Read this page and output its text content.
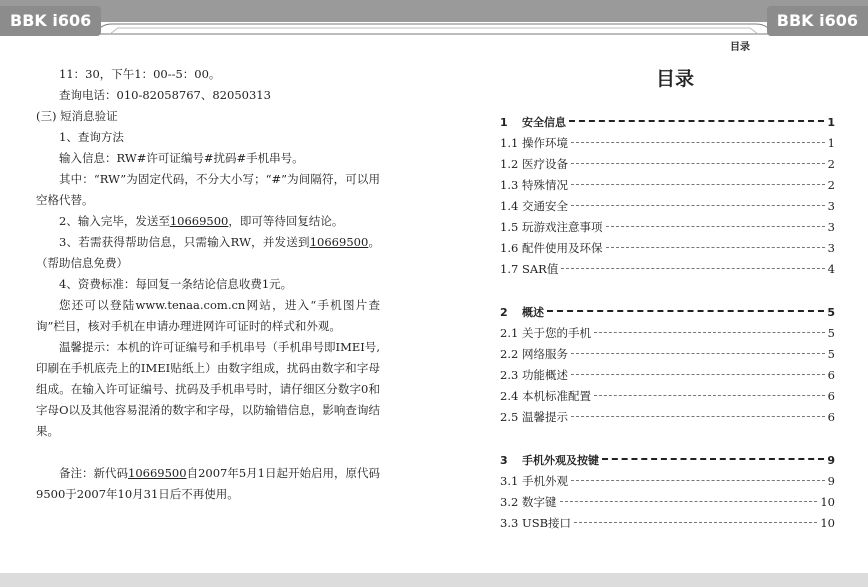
BBK i606	BBK i606
目录

11：30，下午1：00--5：00。

查询电话：010-82058767、82050313

(三) 短消息验证

1、查询方法

输入信息：RW#许可证编号#扰码#手机串号。

其中：“RW”为固定代码，不分大小写；“#”为间隔符，可以用空格代替。

2、输入完毕，发送至10669500，即可等待回复结论。

3、若需获得帮助信息，只需输入RW，并发送到10669500。（帮助信息免费）

4、资费标准：每回复一条结论信息收费1元。

您还可以登陆www.tenaa.com.cn网站，进入“手机图片查询”栏目，核对手机在申请办理进网许可证时的样式和外观。

温馨提示：本机的许可证编号和手机串号（手机串号即IMEI号,印刷在手机底壳上的IMEI贴纸上）由数字组成，扰码由数字和字母组成。在输入许可证编号、扰码及手机串号时，请仔细区分数字0和字母O以及其他容易混淆的数字和字母，以防输错信息，影响查询结果。

备注：新代码10669500自2007年5月1日起开始启用，原代码9500于2007年10月31日后不再使用。

目录
1	安全信息	1
1.1 操作环境	1
1.2 医疗设备	2
1.3 特殊情况	2
1.4 交通安全	3
1.5 玩游戏注意事项	3
1.6 配件使用及环保	3
1.7 SAR值	4
2	概述	5
2.1 关于您的手机	5
2.2 网络服务	5
2.3 功能概述	6
2.4 本机标准配置	6
2.5 温馨提示	6
3	手机外观及按键	9
3.1 手机外观	9
3.2 数字键	10
3.3 USB接口	10
